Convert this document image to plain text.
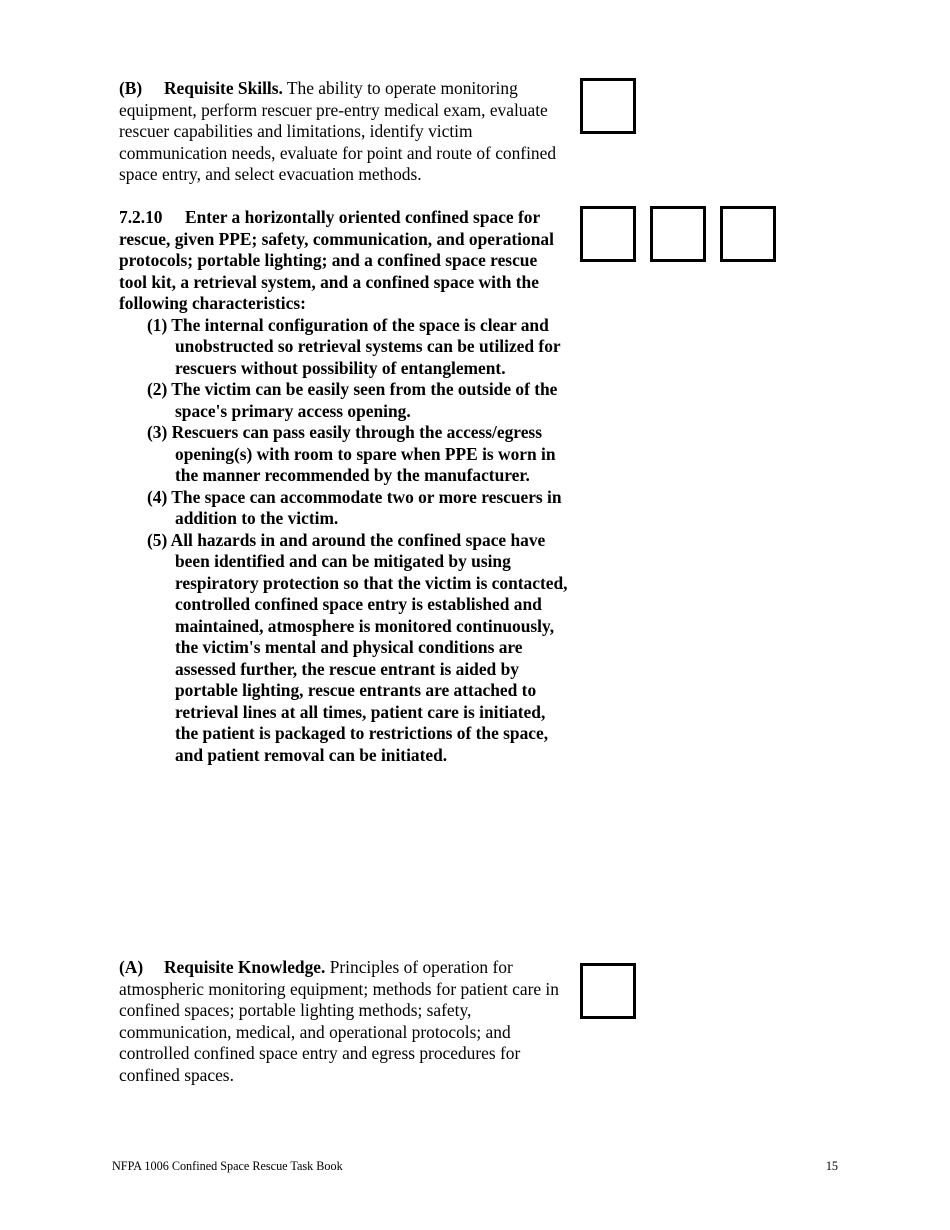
(B) Requisite Skills. The ability to operate monitoring equipment, perform rescuer pre-entry medical exam, evaluate rescuer capabilities and limitations, identify victim communication needs, evaluate for point and route of confined space entry, and select evacuation methods.

7.2.10 Enter a horizontally oriented confined space for rescue, given PPE; safety, communication, and operational protocols; portable lighting; and a confined space rescue tool kit, a retrieval system, and a confined space with the following characteristics:

(1) The internal configuration of the space is clear and unobstructed so retrieval systems can be utilized for rescuers without possibility of entanglement.
(2) The victim can be easily seen from the outside of the space's primary access opening.
(3) Rescuers can pass easily through the access/egress opening(s) with room to spare when PPE is worn in the manner recommended by the manufacturer.
(4) The space can accommodate two or more rescuers in addition to the victim.
(5) All hazards in and around the confined space have been identified and can be mitigated by using respiratory protection so that the victim is contacted, controlled confined space entry is established and maintained, atmosphere is monitored continuously, the victim's mental and physical conditions are assessed further, the rescue entrant is aided by portable lighting, rescue entrants are attached to retrieval lines at all times, patient care is initiated, the patient is packaged to restrictions of the space, and patient removal can be initiated.

(A) Requisite Knowledge. Principles of operation for atmospheric monitoring equipment; methods for patient care in confined spaces; portable lighting methods; safety, communication, medical, and operational protocols; and controlled confined space entry and egress procedures for confined spaces.

NFPA 1006 Confined Space Rescue Task Book	15
